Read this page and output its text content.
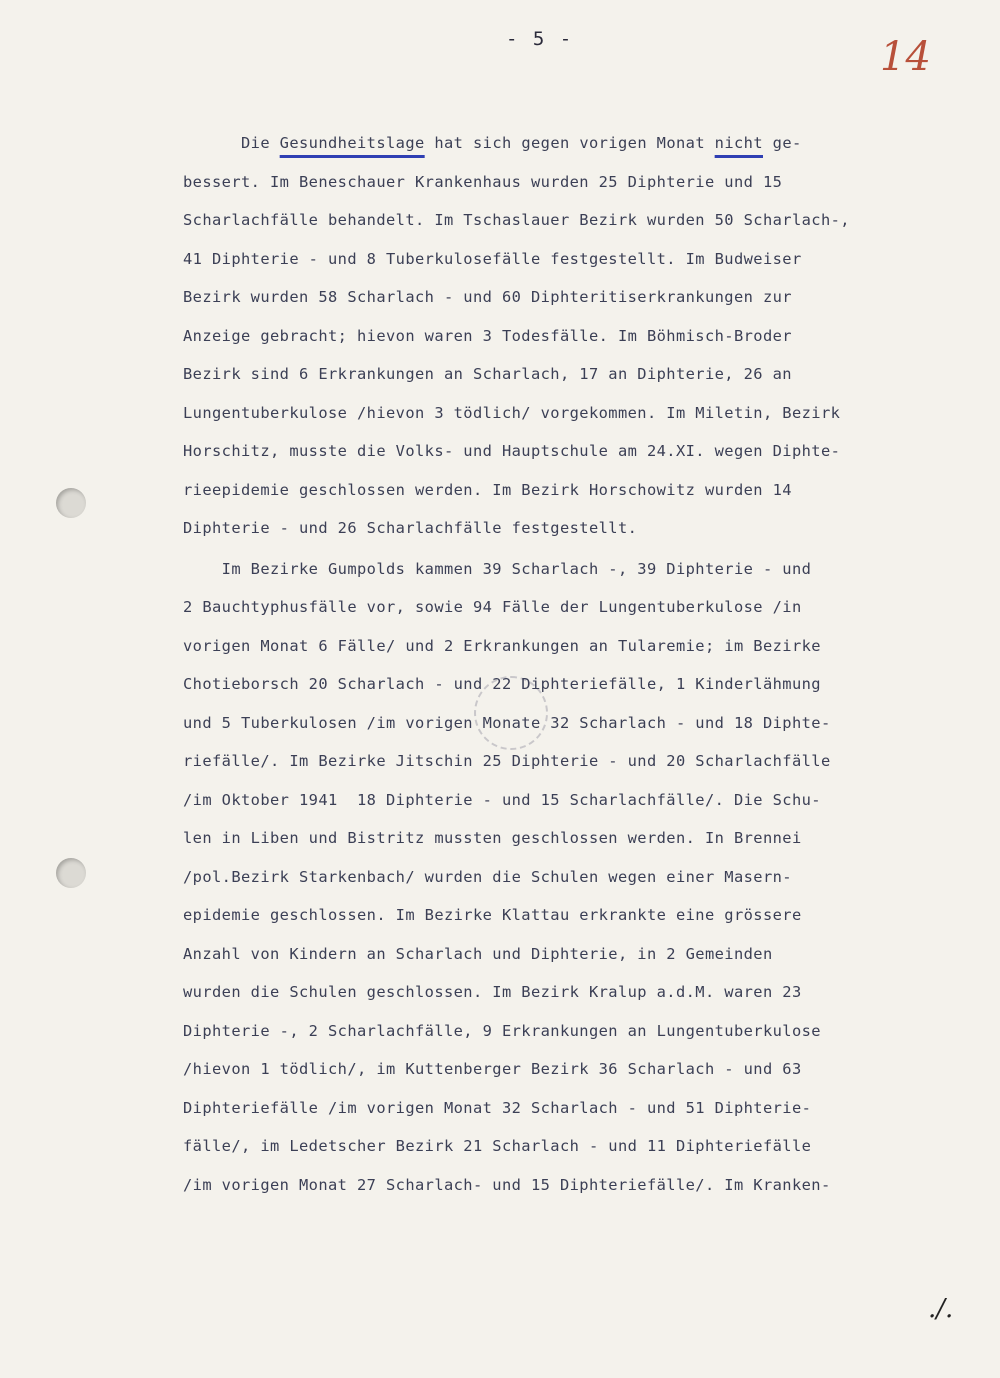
- 5 -	14
Die Gesundheitslage hat sich gegen vorigen Monat nicht ge-
bessert. Im Beneschauer Krankenhaus wurden 25 Diphterie und 15
Scharlachfälle behandelt. Im Tschaslauer Bezirk wurden 50 Scharlach-,
41 Diphterie - und 8 Tuberkulosefälle festgestellt. Im Budweiser
Bezirk wurden 58 Scharlach - und 60 Diphteritiserkrankungen zur
Anzeige gebracht; hievon waren 3 Todesfälle. Im Böhmisch-Broder
Bezirk sind 6 Erkrankungen an Scharlach, 17 an Diphterie, 26 an
Lungentuberkulose /hievon 3 tödlich/ vorgekommen. Im Miletin, Bezirk
Horschitz, musste die Volks- und Hauptschule am 24.XI. wegen Diphte-
rieepidemie geschlossen werden. Im Bezirk Horschowitz wurden 14
Diphterie - und 26 Scharlachfälle festgestellt.
Im Bezirke Gumpolds kammen 39 Scharlach -, 39 Diphterie - und
2 Bauchtyphusfälle vor, sowie 94 Fälle der Lungentuberkulose /in
vorigen Monat 6 Fälle/ und 2 Erkrankungen an Tularemie; im Bezirke
Chotieborsch 20 Scharlach - und 22 Diphteriefälle, 1 Kinderlähmung
und 5 Tuberkulosen /im vorigen Monate 32 Scharlach - und 18 Diphte-
riefälle/. Im Bezirke Jitschin 25 Diphterie - und 20 Scharlachfälle
/im Oktober 1941  18 Diphterie - und 15 Scharlachfälle/. Die Schu-
len in Liben und Bistritz mussten geschlossen werden. In Brennei
/pol.Bezirk Starkenbach/ wurden die Schulen wegen einer Masern-
epidemie geschlossen. Im Bezirke Klattau erkrankte eine grössere
Anzahl von Kindern an Scharlach und Diphterie, in 2 Gemeinden
wurden die Schulen geschlossen. Im Bezirk Kralup a.d.M. waren 23
Diphterie -, 2 Scharlachfälle, 9 Erkrankungen an Lungentuberkulose
/hievon 1 tödlich/, im Kuttenberger Bezirk 36 Scharlach - und 63
Diphteriefälle /im vorigen Monat 32 Scharlach - und 51 Diphterie-
fälle/, im Ledetscher Bezirk 21 Scharlach - und 11 Diphteriefälle
/im vorigen Monat 27 Scharlach- und 15 Diphteriefälle/. Im Kranken-
./.
